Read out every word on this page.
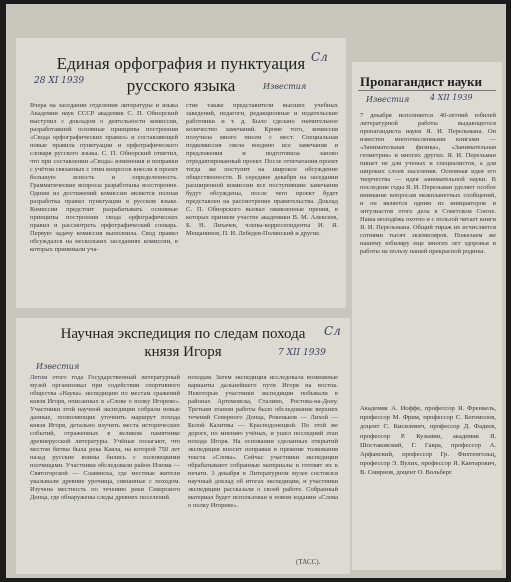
Единая орфография и пунктуация
русского языка
28 XI 1939
Известия
Сл

Вчера на заседании отделения литературы и языка Академии наук СССР академик С. П. Обнорский выступил с докладом о деятельности комиссии, разработавшей основные принципы построения «Свода орфографических правил» и составляющей новые правила пунктуации и орфографического словаря русского языка. С. П. Обнорский отметил, что при составлении «Свода» изменения и поправки с учётом связанных с этим вопросов внесли в проект большую ясность и определенность. Грамматические вопросы разработаны всесторонне. Одним из достижений комиссии является полная разработка правил пунктуации в русском языке. Комиссии предстоит разрабатывать основные принципы построения свода орфографических правил и рассмотреть орфографический словарь. Первую задачу комиссия выполнила. Свод правил обсуждался на нескольких заседаниях комиссии, в которых принимали уча-

стие также представители высших учебных заведений, педагоги, редакционные и издательские работники и т. д. Было сделано значительное количество замечаний. Кроме того, комиссия получила много писем с мест. Специальная подкомиссия свела воедино все замечания и предложения и подготовила заново отредактированный проект. После отпечатания проект тогда же поступит на широкое обсуждение общественности. В середине декабря на заседании расширенной комиссии все поступившие замечания будут обсуждены, после чего проект будет представлен на рассмотрение правительства. Доклад С. П. Обнорского вызвал оживленные прения, в которых приняли участие академики В. М. Алексеев, Б. Н. Лихачев, члены-корреспонденты И. Я. Мещанинов, П. И. Лебедев-Полянский и другие.

Пропагандист науки
Известия	4 XII 1939

7 декабря исполняется 40-летний юбилей литературной работы выдающегося пропагандиста науки Я. И. Перельмана. Он известен многочисленными книгами — «Занимательная физика», «Занимательная геометрия» и многих других. Я. И. Перельман пишет не для ученых и специалистов, а для широких слоев населения. Основная идея его творчества — идея занимательной науки. В последние годы Я. И. Перельман уделяет особое внимание вопросам межпланетных сообщений, и он является одним из инициаторов и энтузиастов этого дела в Советском Союзе. Наша молодёжь охотно и с пользой читает книги Я. И. Перельмана. Общий тираж их исчисляется сотнями тысяч экземпляров. Пожелаем же нашему юбиляру еще многих лет здоровья и работы на пользу нашей прекрасной родины.

Академик А. Иоффе, профессор Я. Френкель, профессор М. Фрим, профессор С. Богомолов, доцент С. Кисилевич, профессор Д. Фадеев, профессор Р. Кузьмин, академик Я. Шостаковский, Г. Гавра, профессор А. Арфанский, профессор Гр. Фихтенгольц, профессор Э. Вулих, профессор Я. Кантарович, В. Смирнов, доцент О. Вольберг.
Научная экспедиция по следам похода
князя Игоря
Известия
7 XII 1939
Сл

Летом этого года Государственный литературный музей организовал при содействии спортивного общества «Наука» экспедицию по местам сражений князя Игоря, описанных в «Слове о полку Игореве». Участники этой научной экспедиции собрали новые данные, позволяющие уточнить маршрут похода князя Игоря, детально изучить места исторических событий, отраженных в великом памятнике древнерусской литературы. Учёные полагают, что местом битвы была река Каяла, на которой 750 лет назад русские воины бились с половецкими полчищами. Участники обследовали район Изюма — Святогорской — Славянска, где местные жители указывали древние урочища, связанные с походом. Изучена местность по течению реки Северского Донца, где обнаружены следы древних поселений.

походам. Затем экспедиция исследовала возможные варианты дальнейшего пути Игоря на восток. Некоторые участники экспедиции побывали в районах Артемовска, Сталино, Ростова-на-Дону. Третьим этапом работы было обследование верхних течений Северного Донца, Ровеньков — Лихой — Белой Калитвы — Краснодонецкой. По этой же дороге, по мнению учёных, и ушел последний этап похода Игоря. На основании сделанных открытий экспедиция вносит поправки в прежние толкования текста «Слова». Сейчас участники экспедиции обрабатывают собранные материалы и готовят их к печати. 3 декабря в Литературном музее состоялся научный доклад об итогах экспедиции, и участники экспедиции рассказали о своей работе. Собранный материал будет использован в новом издании «Слова о полку Игореве».

(ТАСС).
